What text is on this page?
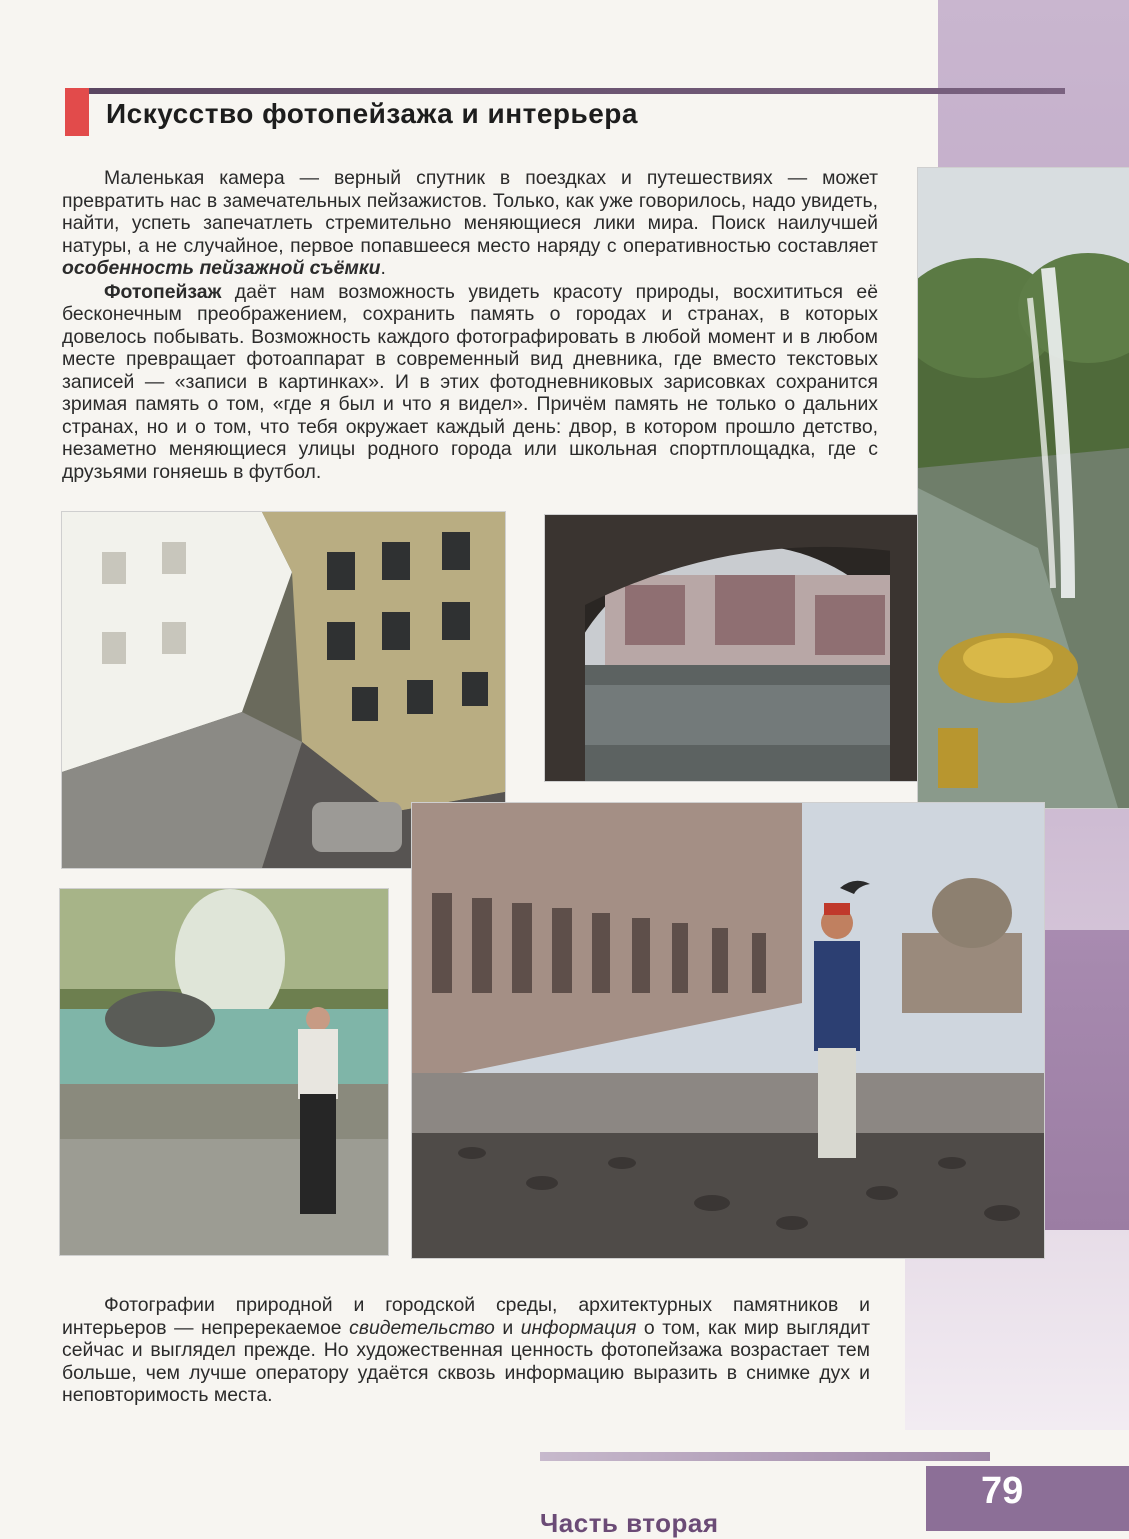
Искусство фотопейзажа и интерьера

Маленькая камера — верный спутник в поездках и путешествиях — может превратить нас в замечательных пейзажистов. Только, как уже говорилось, надо увидеть, найти, успеть запечатлеть стремительно меняющиеся лики мира. Поиск наилучшей натуры, а не случайное, первое попавшееся место наряду с оперативностью составляет особенность пейзажной съёмки.

Фотопейзаж даёт нам возможность увидеть красоту природы, восхититься её бесконечным преображением, сохранить память о городах и странах, в которых довелось побывать. Возможность каждого фотографировать в любой момент и в любом месте превращает фотоаппарат в современный вид дневника, где вместо текстовых записей — «записи в картинках». И в этих фотодневниковых зарисовках сохранится зримая память о том, «где я был и что я видел». Причём память не только о дальних странах, но и о том, что тебя окружает каждый день: двор, в котором прошло детство, незаметно меняющиеся улицы родного города или школьная спортплощадка, где с друзьями гоняешь в футбол.

Фотографии природной и городской среды, архитектурных памятников и интерьеров — непререкаемое свидетельство и информация о том, как мир выглядит сейчас и выглядел прежде. Но художественная ценность фотопейзажа возрастает тем больше, чем лучше оператору удаётся сквозь информацию выразить в снимке дух и неповторимость места.

Часть вторая
79
